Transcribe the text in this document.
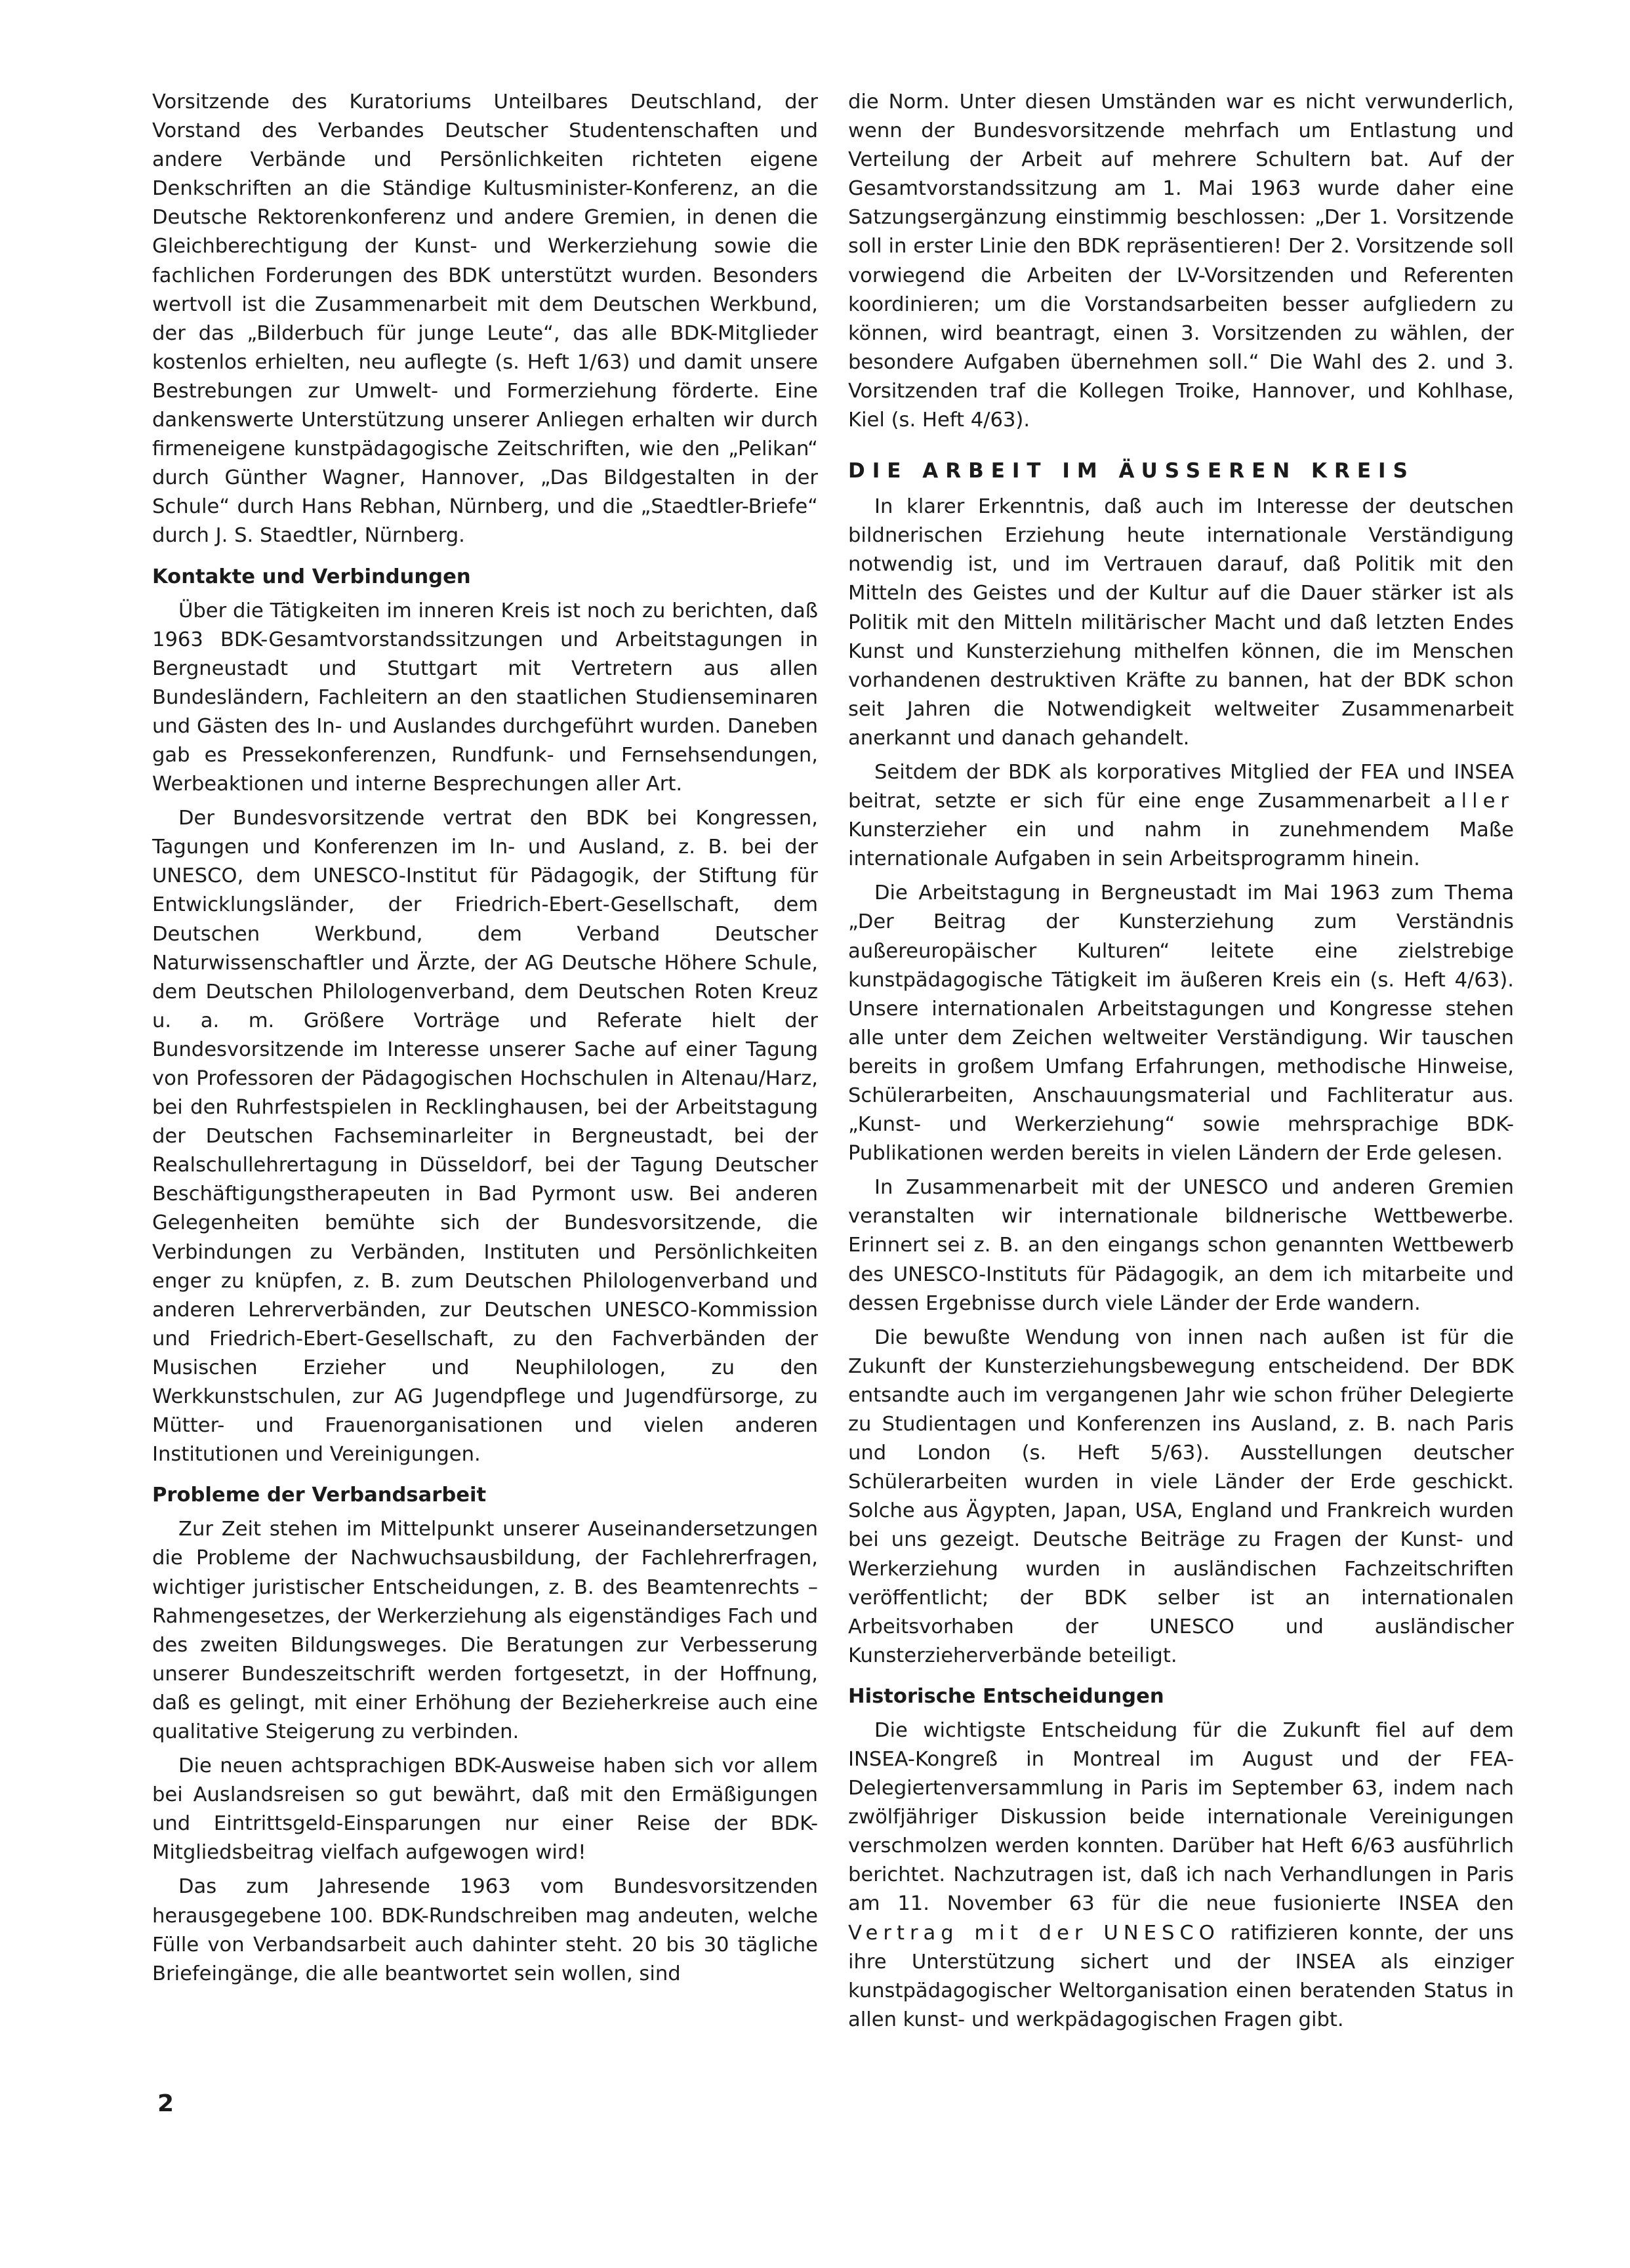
Vorsitzende des Kuratoriums Unteilbares Deutschland, der Vorstand des Verbandes Deutscher Studentenschaften und andere Verbände und Persönlichkeiten richteten eigene Denkschriften an die Ständige Kultusminister-Konferenz, an die Deutsche Rektorenkonferenz und andere Gremien, in denen die Gleichberechtigung der Kunst- und Werkerziehung sowie die fachlichen Forderungen des BDK unterstützt wurden. Besonders wertvoll ist die Zusammenarbeit mit dem Deutschen Werkbund, der das „Bilderbuch für junge Leute“, das alle BDK-Mitglieder kostenlos erhielten, neu auflegte (s. Heft 1/63) und damit unsere Bestrebungen zur Umwelt- und Formerziehung förderte. Eine dankenswerte Unterstützung unserer Anliegen erhalten wir durch firmeneigene kunstpädagogische Zeitschriften, wie den „Pelikan“ durch Günther Wagner, Hannover, „Das Bildgestalten in der Schule“ durch Hans Rebhan, Nürnberg, und die „Staedtler-Briefe“ durch J. S. Staedtler, Nürnberg.

Kontakte und Verbindungen

Über die Tätigkeiten im inneren Kreis ist noch zu berichten, daß 1963 BDK-Gesamtvorstandssitzungen und Arbeitstagungen in Bergneustadt und Stuttgart mit Vertretern aus allen Bundesländern, Fachleitern an den staatlichen Studienseminaren und Gästen des In- und Auslandes durchgeführt wurden. Daneben gab es Pressekonferenzen, Rundfunk- und Fernsehsendungen, Werbeaktionen und interne Besprechungen aller Art.

Der Bundesvorsitzende vertrat den BDK bei Kongressen, Tagungen und Konferenzen im In- und Ausland, z. B. bei der UNESCO, dem UNESCO-Institut für Pädagogik, der Stiftung für Entwicklungsländer, der Friedrich-Ebert-Gesellschaft, dem Deutschen Werkbund, dem Verband Deutscher Naturwissenschaftler und Ärzte, der AG Deutsche Höhere Schule, dem Deutschen Philologenverband, dem Deutschen Roten Kreuz u. a. m. Größere Vorträge und Referate hielt der Bundesvorsitzende im Interesse unserer Sache auf einer Tagung von Professoren der Pädagogischen Hochschulen in Altenau/Harz, bei den Ruhrfestspielen in Recklinghausen, bei der Arbeitstagung der Deutschen Fachseminarleiter in Bergneustadt, bei der Realschullehrertagung in Düsseldorf, bei der Tagung Deutscher Beschäftigungstherapeuten in Bad Pyrmont usw. Bei anderen Gelegenheiten bemühte sich der Bundesvorsitzende, die Verbindungen zu Verbänden, Instituten und Persönlichkeiten enger zu knüpfen, z. B. zum Deutschen Philologenverband und anderen Lehrerverbänden, zur Deutschen UNESCO-Kommission und Friedrich-Ebert-Gesellschaft, zu den Fachverbänden der Musischen Erzieher und Neuphilologen, zu den Werkkunstschulen, zur AG Jugendpflege und Jugendfürsorge, zu Mütter- und Frauenorganisationen und vielen anderen Institutionen und Vereinigungen.

Probleme der Verbandsarbeit

Zur Zeit stehen im Mittelpunkt unserer Auseinandersetzungen die Probleme der Nachwuchsausbildung, der Fachlehrerfragen, wichtiger juristischer Entscheidungen, z. B. des Beamtenrechts – Rahmengesetzes, der Werkerziehung als eigenständiges Fach und des zweiten Bildungsweges. Die Beratungen zur Verbesserung unserer Bundeszeitschrift werden fortgesetzt, in der Hoffnung, daß es gelingt, mit einer Erhöhung der Bezieherkreise auch eine qualitative Steigerung zu verbinden.

Die neuen achtsprachigen BDK-Ausweise haben sich vor allem bei Auslandsreisen so gut bewährt, daß mit den Ermäßigungen und Eintrittsgeld-Einsparungen nur einer Reise der BDK-Mitgliedsbeitrag vielfach aufgewogen wird!

Das zum Jahresende 1963 vom Bundesvorsitzenden herausgegebene 100. BDK-Rundschreiben mag andeuten, welche Fülle von Verbandsarbeit auch dahinter steht. 20 bis 30 tägliche Briefeingänge, die alle beantwortet sein wollen, sind

die Norm. Unter diesen Umständen war es nicht verwunderlich, wenn der Bundesvorsitzende mehrfach um Entlastung und Verteilung der Arbeit auf mehrere Schultern bat. Auf der Gesamtvorstandssitzung am 1. Mai 1963 wurde daher eine Satzungsergänzung einstimmig beschlossen: „Der 1. Vorsitzende soll in erster Linie den BDK repräsentieren! Der 2. Vorsitzende soll vorwiegend die Arbeiten der LV-Vorsitzenden und Referenten koordinieren; um die Vorstandsarbeiten besser aufgliedern zu können, wird beantragt, einen 3. Vorsitzenden zu wählen, der besondere Aufgaben übernehmen soll.“ Die Wahl des 2. und 3. Vorsitzenden traf die Kollegen Troike, Hannover, und Kohlhase, Kiel (s. Heft 4/63).

DIE ARBEIT IM ÄUSSEREN KREIS

In klarer Erkenntnis, daß auch im Interesse der deutschen bildnerischen Erziehung heute internationale Verständigung notwendig ist, und im Vertrauen darauf, daß Politik mit den Mitteln des Geistes und der Kultur auf die Dauer stärker ist als Politik mit den Mitteln militärischer Macht und daß letzten Endes Kunst und Kunsterziehung mithelfen können, die im Menschen vorhandenen destruktiven Kräfte zu bannen, hat der BDK schon seit Jahren die Notwendigkeit weltweiter Zusammenarbeit anerkannt und danach gehandelt.

Seitdem der BDK als korporatives Mitglied der FEA und INSEA beitrat, setzte er sich für eine enge Zusammenarbeit aller Kunsterzieher ein und nahm in zunehmendem Maße internationale Aufgaben in sein Arbeitsprogramm hinein.

Die Arbeitstagung in Bergneustadt im Mai 1963 zum Thema „Der Beitrag der Kunsterziehung zum Verständnis außereuropäischer Kulturen“ leitete eine zielstrebige kunstpädagogische Tätigkeit im äußeren Kreis ein (s. Heft 4/63). Unsere internationalen Arbeitstagungen und Kongresse stehen alle unter dem Zeichen weltweiter Verständigung. Wir tauschen bereits in großem Umfang Erfahrungen, methodische Hinweise, Schülerarbeiten, Anschauungsmaterial und Fachliteratur aus. „Kunst- und Werkerziehung“ sowie mehrsprachige BDK-Publikationen werden bereits in vielen Ländern der Erde gelesen.

In Zusammenarbeit mit der UNESCO und anderen Gremien veranstalten wir internationale bildnerische Wettbewerbe. Erinnert sei z. B. an den eingangs schon genannten Wettbewerb des UNESCO-Instituts für Pädagogik, an dem ich mitarbeite und dessen Ergebnisse durch viele Länder der Erde wandern.

Die bewußte Wendung von innen nach außen ist für die Zukunft der Kunsterziehungsbewegung entscheidend. Der BDK entsandte auch im vergangenen Jahr wie schon früher Delegierte zu Studientagen und Konferenzen ins Ausland, z. B. nach Paris und London (s. Heft 5/63). Ausstellungen deutscher Schülerarbeiten wurden in viele Länder der Erde geschickt. Solche aus Ägypten, Japan, USA, England und Frankreich wurden bei uns gezeigt. Deutsche Beiträge zu Fragen der Kunst- und Werkerziehung wurden in ausländischen Fachzeitschriften veröffentlicht; der BDK selber ist an internationalen Arbeitsvorhaben der UNESCO und ausländischer Kunsterzieherverbände beteiligt.

Historische Entscheidungen

Die wichtigste Entscheidung für die Zukunft fiel auf dem INSEA-Kongreß in Montreal im August und der FEA-Delegiertenversammlung in Paris im September 63, indem nach zwölfjähriger Diskussion beide internationale Vereinigungen verschmolzen werden konnten. Darüber hat Heft 6/63 ausführlich berichtet. Nachzutragen ist, daß ich nach Verhandlungen in Paris am 11. November 63 für die neue fusionierte INSEA den Vertrag mit der UNESCO ratifizieren konnte, der uns ihre Unterstützung sichert und der INSEA als einziger kunstpädagogischer Weltorganisation einen beratenden Status in allen kunst- und werkpädagogischen Fragen gibt.

2
